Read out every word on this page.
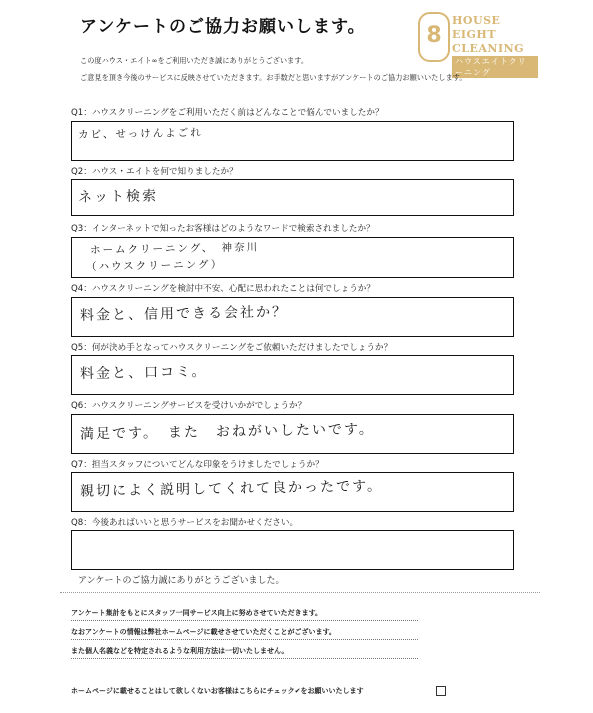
アンケートのご協力お願いします。	8
HOUSE
EIGHT
CLEANING
ハウスエイトクリーニング
この度ハウス・エイト∞をご利用いただき誠にありがとうございます。
ご意見を頂き今後のサービスに反映させていただきます。お手数だと思いますがアンケートのご協力お願いいたします。
Q1：ハウスクリーニングをご利用いただく前はどんなことで悩んでいましたか？
カビ、せっけんよごれ
Q2：ハウス・エイトを何で知りましたか？
ネット検索
Q3：インターネットで知ったお客様はどのようなワードで検索されましたか？
ホームクリーニング、　神奈川
（ハウスクリーニング）
Q4：ハウスクリーニングを検討中不安、心配に思われたことは何でしょうか？
料金と、信用できる会社か？
Q5：何が決め手となってハウスクリーニングをご依頼いただけましたでしょうか？
料金と、口コミ。
Q6：ハウスクリーニングサービスを受けいかがでしょうか？
満足です。　また　おねがいしたいです。
Q7：担当スタッフについてどんな印象をうけましたでしょうか？
親切によく説明してくれて良かったです。
Q8：今後あればいいと思うサービスをお聞かせください。
アンケートのご協力誠にありがとうございました。
アンケート集計をもとにスタッフ一同サービス向上に努めさせていただきます。
なおアンケートの情報は弊社ホームページに載せさせていただくことがございます。
また個人名義などを特定されるような利用方法は一切いたしません。
ホームページに載せることはして欲しくないお客様はこちらにチェック✔をお願いいたします
